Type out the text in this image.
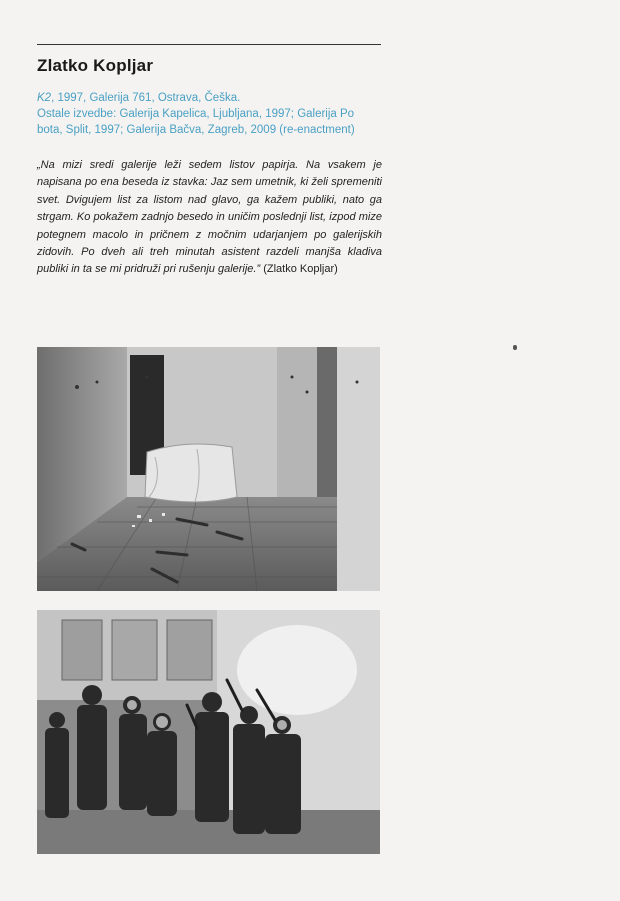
Zlatko Kopljar
K2, 1997, Galerija 761, Ostrava, Češka.
Ostale izvedbe: Galerija Kapelica, Ljubljana, 1997; Galerija Po
bota, Split, 1997; Galerija Bačva, Zagreb, 2009 (re-enactment)
„Na mizi sredi galerije leži sedem listov papirja. Na vsakem je napisana po ena beseda iz stavka: Jaz sem umetnik, ki želi spremeniti svet. Dvigujem list za listom nad glavo, ga kažem publiki, nato ga strgam. Ko pokažem zadnjo besedo in uničim poslednji list, izpod mize potegnem macolo in pričnem z močnim udarjanjem po galerijskih zidovih. Po dveh ali treh minutah asistent razdeli manjša kladiva publiki in ta se mi pridruži pri rušenju galerije.” (Zlatko Kopljar)
